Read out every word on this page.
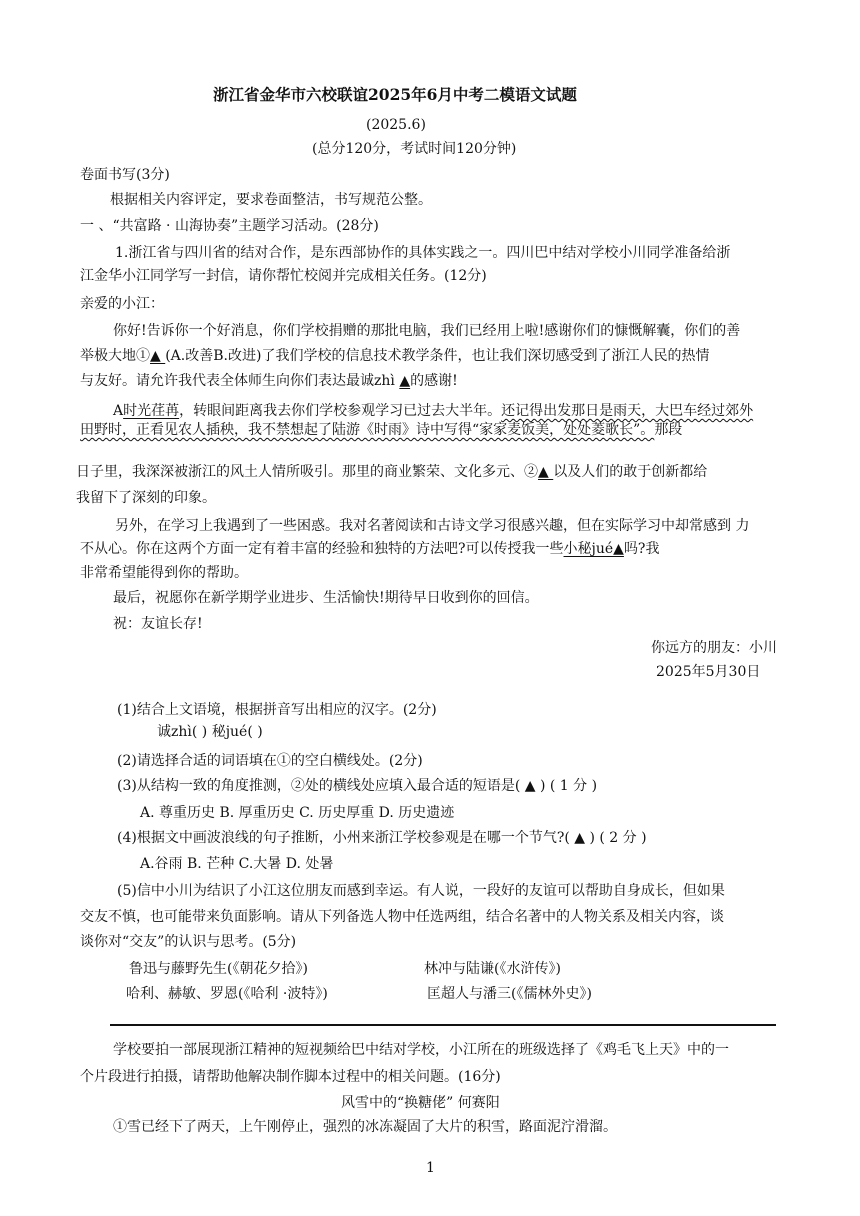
浙江省金华市六校联谊2025年6月中考二模语文试题
(2025.6)
(总分120分，考试时间120分钟)
卷面书写(3分)
根据相关内容评定，要求卷面整洁，书写规范公整。
一 、“共富路 · 山海协奏”主题学习活动。(28分)
1.浙江省与四川省的结对合作，是东西部协作的具体实践之一。四川巴中结对学校小川同学准备给浙
江金华小江同学写一封信，请你帮忙校阅并完成相关任务。(12分)
亲爱的小江：
你好!告诉你一个好消息，你们学校捐赠的那批电脑，我们已经用上啦!感谢你们的慷慨解囊，你们的善
举极大地①▲ (A.改善B.改进)了我们学校的信息技术教学条件，也让我们深切感受到了浙江人民的热情
与友好。请允许我代表全体师生向你们表达最诚zhì ▲的感谢!
A时光荏苒，转眼间距离我去你们学校参观学习已过去大半年。还记得出发那日是雨天，大巴车经过郊外
田野时，正看见农人插秧，我不禁想起了陆游《时雨》诗中写得“家家麦饭美，处处菱歌长”。那段
日子里，我深深被浙江的风土人情所吸引。那里的商业繁荣、文化多元、②▲ 以及人们的敢于创新都给
我留下了深刻的印象。
另外，在学习上我遇到了一些困惑。我对名著阅读和古诗文学习很感兴趣，但在实际学习中却常感到 力
不从心。你在这两个方面一定有着丰富的经验和独特的方法吧?可以传授我一些小秘jué▲吗?我
非常希望能得到你的帮助。
最后，祝愿你在新学期学业进步、生活愉快!期待早日收到你的回信。
祝：友谊长存!
你远方的朋友：小川
2025年5月30日
(1)结合上文语境，根据拼音写出相应的汉字。(2分)
诚zhì( ) 秘jué( )
(2)请选择合适的词语填在①的空白横线处。(2分)
(3)从结构一致的角度推测，②处的横线处应填入最合适的短语是( ▲ ) ( 1 分 )
A. 尊重历史 B. 厚重历史 C. 历史厚重 D. 历史遗迹
(4)根据文中画波浪线的句子推断，小州来浙江学校参观是在哪一个节气?( ▲ ) ( 2 分 )
A.谷雨 B. 芒种 C.大暑 D. 处暑
(5)信中小川为结识了小江这位朋友而感到幸运。有人说，一段好的友谊可以帮助自身成长，但如果
交友不慎，也可能带来负面影响。请从下列备选人物中任选两组，结合名著中的人物关系及相关内容，谈
谈你对“交友”的认识与思考。(5分)
鲁迅与藤野先生(《朝花夕拾》)	林冲与陆谦(《水浒传》)
哈利、赫敏、罗恩(《哈利 ·波特》)	匡超人与潘三(《儒林外史》)
学校要拍一部展现浙江精神的短视频给巴中结对学校，小江所在的班级选择了《鸡毛飞上天》中的一
个片段进行拍摄，请帮助他解决制作脚本过程中的相关问题。(16分)
风雪中的“换糖佬” 何赛阳
①雪已经下了两天，上午刚停止，强烈的冰冻凝固了大片的积雪，路面泥泞滑溜。
1
